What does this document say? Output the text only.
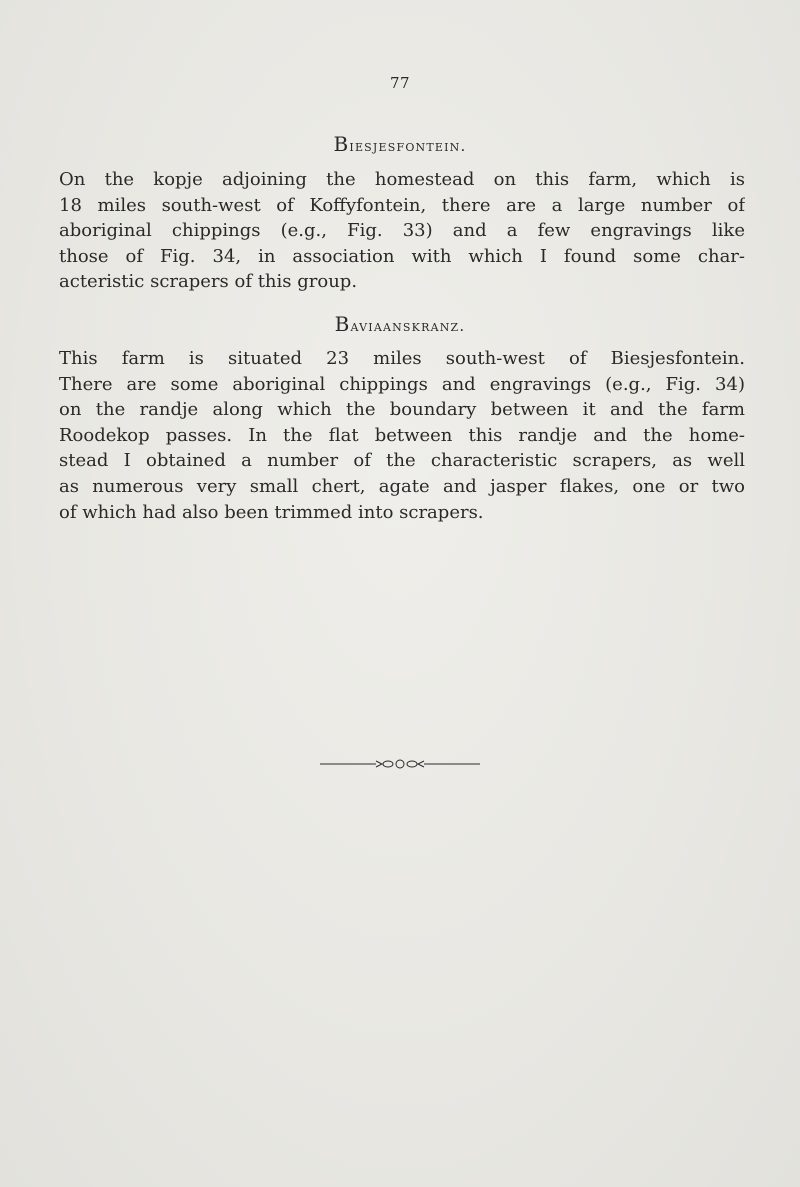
77
Biesjesfontein.
On the kopje adjoining the homestead on this farm, which is
18 miles south-west of Koffyfontein, there are a large number of
aboriginal chippings (e.g., Fig. 33) and a few engravings like
those of Fig. 34, in association with which I found some char-
acteristic scrapers of this group.
Baviaanskranz.
This farm is situated 23 miles south-west of Biesjesfontein.
There are some aboriginal chippings and engravings (e.g., Fig. 34)
on the randje along which the boundary between it and the farm
Roodekop passes. In the flat between this randje and the home-
stead I obtained a number of the characteristic scrapers, as well
as numerous very small chert, agate and jasper flakes, one or two
of which had also been trimmed into scrapers.
